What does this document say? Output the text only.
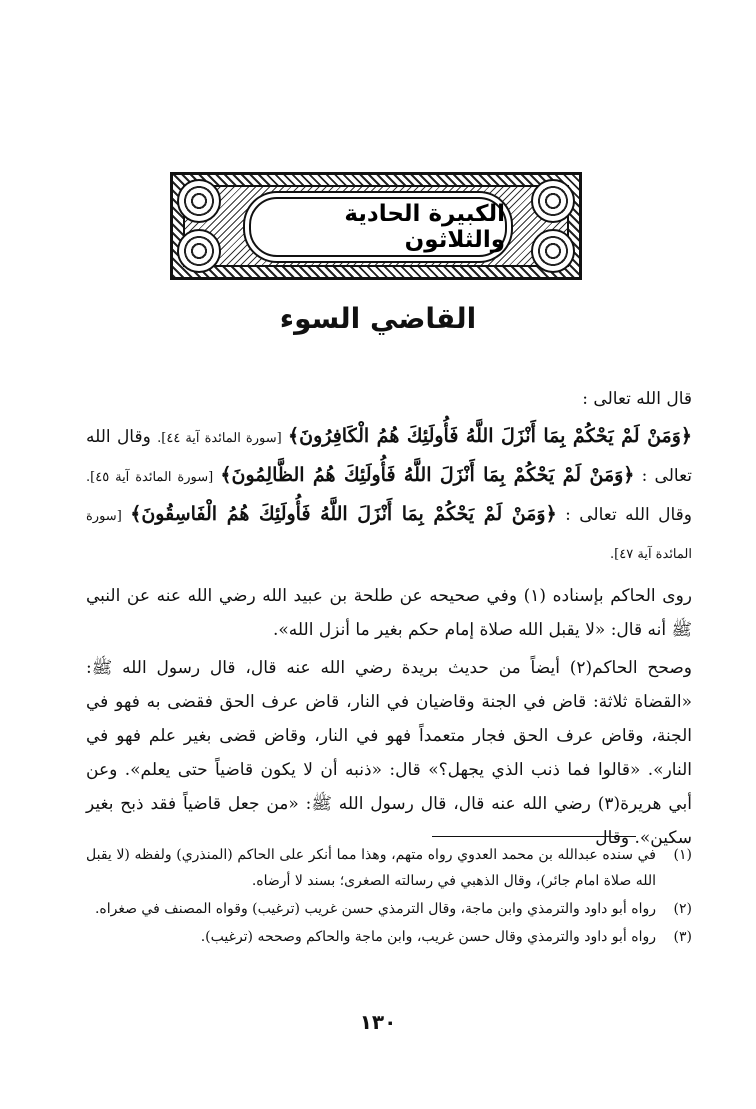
الكبيرة الحادية والثلاثون
القاضي السوء

قال الله تعالى :

﴿وَمَنْ لَمْ يَحْكُمْ بِمَا أَنْزَلَ اللَّهُ فَأُولَئِكَ هُمُ الْكَافِرُونَ﴾ [سورة المائدة آية ٤٤]. وقال الله تعالى : ﴿وَمَنْ لَمْ يَحْكُمْ بِمَا أَنْزَلَ اللَّهُ فَأُولَئِكَ هُمُ الظَّالِمُونَ﴾ [سورة المائدة آية ٤٥]. وقال الله تعالى : ﴿وَمَنْ لَمْ يَحْكُمْ بِمَا أَنْزَلَ اللَّهُ فَأُولَئِكَ هُمُ الْفَاسِقُونَ﴾ [سورة المائدة آية ٤٧].

روى الحاكم بإسناده (١) وفي صحيحه عن طلحة بن عبيد الله رضي الله عنه عن النبي ﷺ أنه قال: «لا يقبل الله صلاة إمام حكم بغير ما أنزل الله».

وصحح الحاكم(٢) أيضاً من حديث بريدة رضي الله عنه قال، قال رسول الله ﷺ: «القضاة ثلاثة: قاض في الجنة وقاضيان في النار، قاض عرف الحق فقضى به فهو في الجنة، وقاض عرف الحق فجار متعمداً فهو في النار، وقاض قضى بغير علم فهو في النار». «قالوا فما ذنب الذي يجهل؟» قال: «ذنبه أن لا يكون قاضياً حتى يعلم». وعن أبي هريرة(٣) رضي الله عنه قال، قال رسول الله ﷺ: «من جعل قاضياً فقد ذبح بغير سكين». وقال

(١)
في سنده عبدالله بن محمد العدوي رواه متهم، وهذا مما أنكر على الحاكم (المنذري) ولفظه (لا يقبل الله صلاة امام جائر)، وقال الذهبي في رسالته الصغرى؛ بسند لا أرضاه.
(٢)
رواه أبو داود والترمذي وابن ماجة، وقال الترمذي حسن غريب (ترغيب) وقواه المصنف في صغراه.
(٣)
رواه أبو داود والترمذي وقال حسن غريب، وابن ماجة والحاكم وصححه (ترغيب).
١٣٠
